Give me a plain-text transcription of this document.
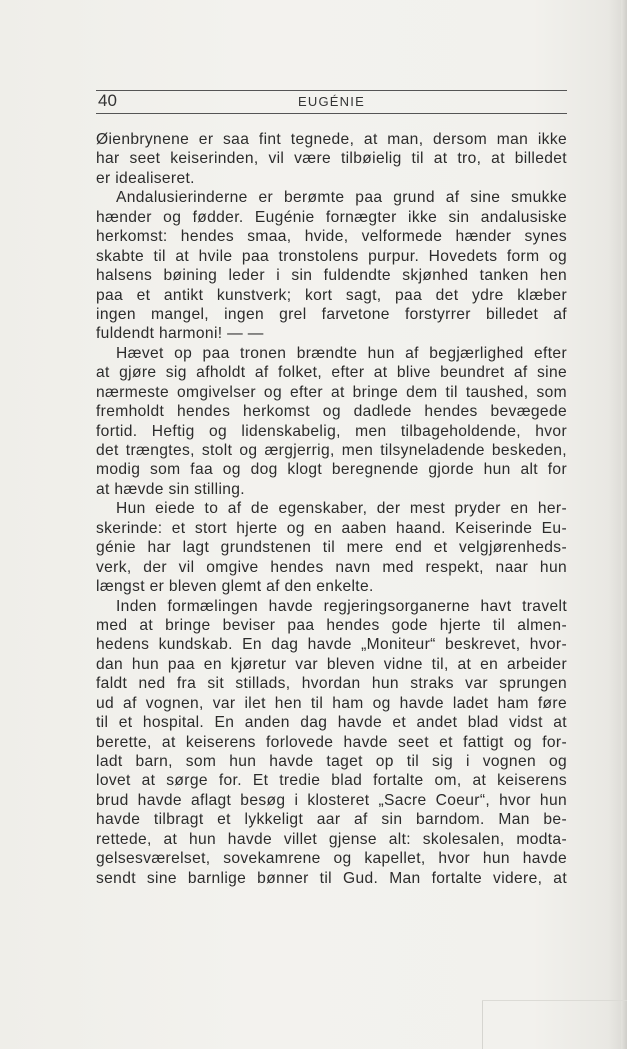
40	EUGÉNIE
Øienbrynene er saa fint tegnede, at man, dersom man ikke
har seet keiserinden, vil være tilbøielig til at tro, at billedet
er idealiseret.
Andalusierinderne er berømte paa grund af sine smukke
hænder og fødder. Eugénie fornægter ikke sin andalusiske
herkomst: hendes smaa, hvide, velformede hænder synes
skabte til at hvile paa tronstolens purpur. Hovedets form og
halsens bøining leder i sin fuldendte skjønhed tanken hen
paa et antikt kunstverk; kort sagt, paa det ydre klæber
ingen mangel, ingen grel farvetone forstyrrer billedet af
fuldendt harmoni! — —
Hævet op paa tronen brændte hun af begjærlighed efter
at gjøre sig afholdt af folket, efter at blive beundret af sine
nærmeste omgivelser og efter at bringe dem til taushed, som
fremholdt hendes herkomst og dadlede hendes bevægede
fortid. Heftig og lidenskabelig, men tilbageholdende, hvor
det trængtes, stolt og ærgjerrig, men tilsyneladende beskeden,
modig som faa og dog klogt beregnende gjorde hun alt for
at hævde sin stilling.
Hun eiede to af de egenskaber, der mest pryder en her-
skerinde: et stort hjerte og en aaben haand. Keiserinde Eu-
génie har lagt grundstenen til mere end et velgjørenheds-
verk, der vil omgive hendes navn med respekt, naar hun
længst er bleven glemt af den enkelte.
Inden formælingen havde regjeringsorganerne havt travelt
med at bringe beviser paa hendes gode hjerte til almen-
hedens kundskab. En dag havde „Moniteur“ beskrevet, hvor-
dan hun paa en kjøretur var bleven vidne til, at en arbeider
faldt ned fra sit stillads, hvordan hun straks var sprungen
ud af vognen, var ilet hen til ham og havde ladet ham føre
til et hospital. En anden dag havde et andet blad vidst at
berette, at keiserens forlovede havde seet et fattigt og for-
ladt barn, som hun havde taget op til sig i vognen og
lovet at sørge for. Et tredie blad fortalte om, at keiserens
brud havde aflagt besøg i klosteret „Sacre Coeur“, hvor hun
havde tilbragt et lykkeligt aar af sin barndom. Man be-
rettede, at hun havde villet gjense alt: skolesalen, modta-
gelsesværelset, sovekamrene og kapellet, hvor hun havde
sendt sine barnlige bønner til Gud. Man fortalte videre, at
